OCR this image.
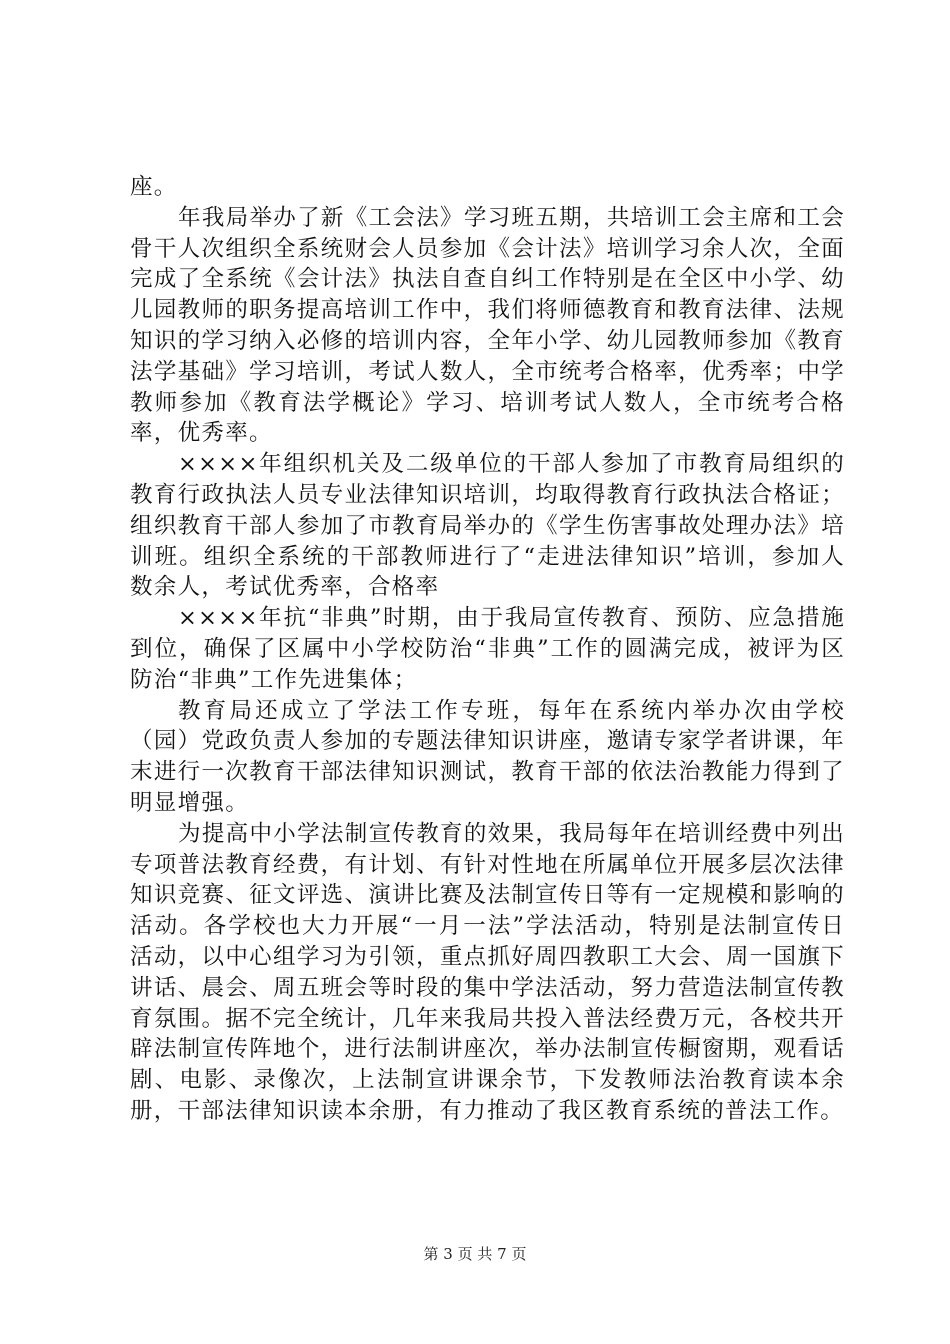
座。

年我局举办了新《工会法》学习班五期，共培训工会主席和工会骨干人次组织全系统财会人员参加《会计法》培训学习余人次，全面完成了全系统《会计法》执法自查自纠工作特别是在全区中小学、幼儿园教师的职务提高培训工作中，我们将师德教育和教育法律、法规知识的学习纳入必修的培训内容，全年小学、幼儿园教师参加《教育法学基础》学习培训，考试人数人，全市统考合格率，优秀率；中学教师参加《教育法学概论》学习、培训考试人数人，全市统考合格率，优秀率。

××××年组织机关及二级单位的干部人参加了市教育局组织的教育行政执法人员专业法律知识培训，均取得教育行政执法合格证；组织教育干部人参加了市教育局举办的《学生伤害事故处理办法》培训班。组织全系统的干部教师进行了“走进法律知识”培训，参加人数余人，考试优秀率，合格率

××××年抗“非典”时期，由于我局宣传教育、预防、应急措施到位，确保了区属中小学校防治“非典”工作的圆满完成，被评为区防治“非典”工作先进集体；

教育局还成立了学法工作专班，每年在系统内举办次由学校（园）党政负责人参加的专题法律知识讲座，邀请专家学者讲课，年末进行一次教育干部法律知识测试，教育干部的依法治教能力得到了明显增强。

为提高中小学法制宣传教育的效果，我局每年在培训经费中列出专项普法教育经费，有计划、有针对性地在所属单位开展多层次法律知识竞赛、征文评选、演讲比赛及法制宣传日等有一定规模和影响的活动。各学校也大力开展“一月一法”学法活动，特别是法制宣传日活动，以中心组学习为引领，重点抓好周四教职工大会、周一国旗下讲话、晨会、周五班会等时段的集中学法活动，努力营造法制宣传教育氛围。据不完全统计，几年来我局共投入普法经费万元，各校共开辟法制宣传阵地个，进行法制讲座次，举办法制宣传橱窗期，观看话剧、电影、录像次，上法制宣讲课余节，下发教师法治教育读本余册，干部法律知识读本余册，有力推动了我区教育系统的普法工作。

第 3 页 共 7 页
